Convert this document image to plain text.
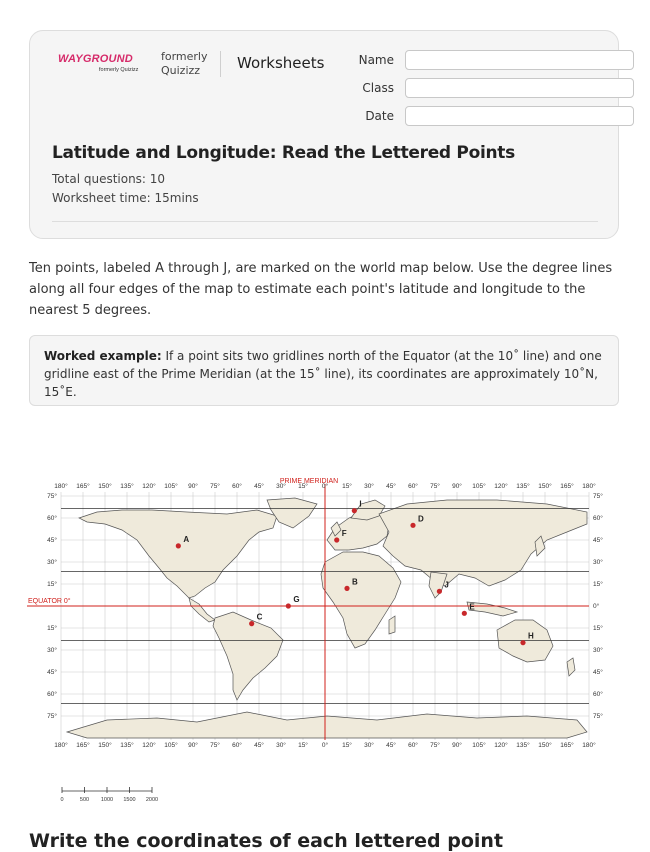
WAYGROUND
formerly Quizizz
formerly Quizizz	Worksheets	Name
Class
Date
Latitude and Longitude: Read the Lettered Points
Total questions: 10
Worksheet time: 15mins
Ten points, labeled A through J, are marked on the world map below. Use the degree lines along all four edges of the map to estimate each point's latitude and longitude to the nearest 5 degrees.
Worked example: If a point sits two gridlines north of the Equator (at the 10˚ line) and one gridline east of the Prime Meridian (at the 15˚ line), its coordinates are approximately 10˚N, 15˚E.
180° 165° 150° 135° 120° 105° 90° 75° 60° 45° 30° 15° 0° 15° 30° 45° 60° 75° 90° 105° 120° 135° 150° 165° 180°
180° 165° 150° 135° 120° 105° 90° 75° 60° 45° 30° 15° 0° 15° 30° 45° 60° 75° 90° 105° 120° 135° 150° 165° 180°
75°	75°
60°	60°
45°	45°
30°	30°
15°	15°
0°
15°	15°
30°	30°
45°	45°
60°	60°
75°	75°
PRIME MERIDIAN
EQUATOR 0°
A
B
C
D
E
F
G
H
I
J
0	500 1000 1500 2000
Write the coordinates of each lettered point
